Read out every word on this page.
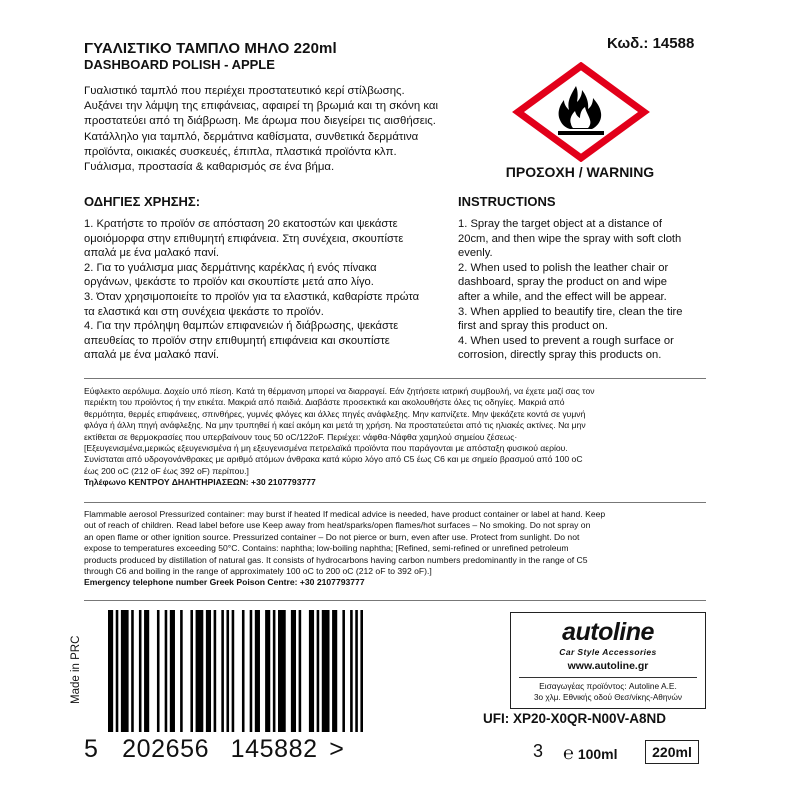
ΓΥΑΛΙΣΤΙΚΟ ΤΑΜΠΛΟ ΜΗΛΟ 220ml
DASHBOARD POLISH - APPLE
Κωδ.: 14588
Γυαλιστικό ταμπλό που περιέχει προστατευτικό κερί στίλβωσης.
Αυξάνει την λάμψη της επιφάνειας, αφαιρεί τη βρωμιά και τη σκόνη και
προστατεύει από τη διάβρωση. Με άρωμα που διεγείρει τις αισθήσεις.
Κατάλληλο για ταμπλό, δερμάτινα καθίσματα, συνθετικά δερμάτινα
προϊόντα, οικιακές συσκευές, έπιπλα, πλαστικά προϊόντα κλπ.
Γυάλισμα, προστασία & καθαρισμός σε ένα βήμα.	ΠΡΟΣΟΧΗ / WARNING
ΟΔΗΓΙΕΣ ΧΡΗΣΗΣ:	INSTRUCTIONS
1. Κρατήστε το προϊόν σε απόσταση 20 εκατοστών και ψεκάστε
ομοιόμορφα στην επιθυμητή επιφάνεια. Στη συνέχεια, σκουπίστε
απαλά με ένα μαλακό πανί.
2. Για το γυάλισμα μιας δερμάτινης καρέκλας ή ενός πίνακα
οργάνων, ψεκάστε το προϊόν και σκουπίστε μετά απο λίγο.
3. Όταν χρησιμοποιείτε το προϊόν για τα ελαστικά, καθαρίστε πρώτα
τα ελαστικά και στη συνέχεια ψεκάστε το προϊόν.
4. Για την πρόληψη θαμπών επιφανειών ή διάβρωσης, ψεκάστε
απευθείας το προϊόν στην επιθυμητή επιφάνεια και σκουπίστε
απαλά με ένα μαλακό πανί.
1. Spray the target object at a distance of
20cm, and then wipe the spray with soft cloth
evenly.
2. When used to polish the leather chair or
dashboard, spray the product on and wipe
after a while, and the effect will be appear.
3. When applied to beautify tire, clean the tire
first and spray this product on.
4. When used to prevent a rough surface or
corrosion, directly spray this products on.
Εύφλεκτο αερόλυμα. Δοχείο υπό πίεση. Κατά τη θέρμανση μπορεί να διαρραγεί. Εάν ζητήσετε ιατρική συμβουλή, να έχετε μαζί σας τον
περιέκτη του προϊόντος ή την ετικέτα. Μακριά από παιδιά. Διαβάστε προσεκτικά και ακολουθήστε όλες τις οδηγίες. Μακριά από
θερμότητα, θερμές επιφάνειες, σπινθήρες, γυμνές φλόγες και άλλες πηγές ανάφλεξης. Μην καπνίζετε. Μην ψεκάζετε κοντά σε γυμνή
φλόγα ή άλλη πηγή ανάφλεξης. Να μην τρυπηθεί ή καεί ακόμη και μετά τη χρήση. Να προστατεύεται από τις ηλιακές ακτίνες. Να μην
εκτίθεται σε θερμοκρασίες που υπερβαίνουν τους 50 oC/122oF. Περιέχει: νάφθα·Νάφθα χαμηλού σημείου ζέσεως·
[Εξευγενισμένα,μερικώς εξευγενισμένα ή μη εξευγενισμένα πετρελαϊκά προϊόντα που παράγονται με απόσταξη φυσικού αερίου.
Συνίσταται από υδρογονάνθρακες με αριθμό ατόμων άνθρακα κατά κύριο λόγο από C5 έως C6 και με σημείο βρασμού από 100 oC
έως 200 oC (212 oF έως 392 oF) περίπου.]
Τηλέφωνο ΚΕΝΤΡΟΥ ΔΗΛΗΤΗΡΙΑΣΕΩΝ: +30 2107793777
Flammable aerosol Pressurized container: may burst if heated If medical advice is needed, have product container or label at hand. Keep
out of reach of children. Read label before use Keep away from heat/sparks/open flames/hot surfaces – No smoking. Do not spray on
an open flame or other ignition source. Pressurized container – Do not pierce or burn, even after use. Protect from sunlight. Do not
expose to temperatures exceeding 50°C. Contains: naphtha; low-boiling naphtha; [Refined, semi-refined or unrefined petroleum
products produced by distillation of natural gas. It consists of hydrocarbons having carbon numbers predominantly in the range of C5
through C6 and boiling in the range of approximately 100 oC to 200 oC (212 oF to 392 oF).]
Emergency telephone number Greek Poison Centre: +30 2107793777
Made in PRC
5 202656 145882 >
autoline
Car Style Accessories
www.autoline.gr
Εισαγωγέας προϊόντος: Autoline A.E.
3ο χλμ. Εθνικής οδού Θεσ/νίκης-Αθηνών
UFI: XP20-X0QR-N00V-A8ND
3 ℮ 100ml	220ml
